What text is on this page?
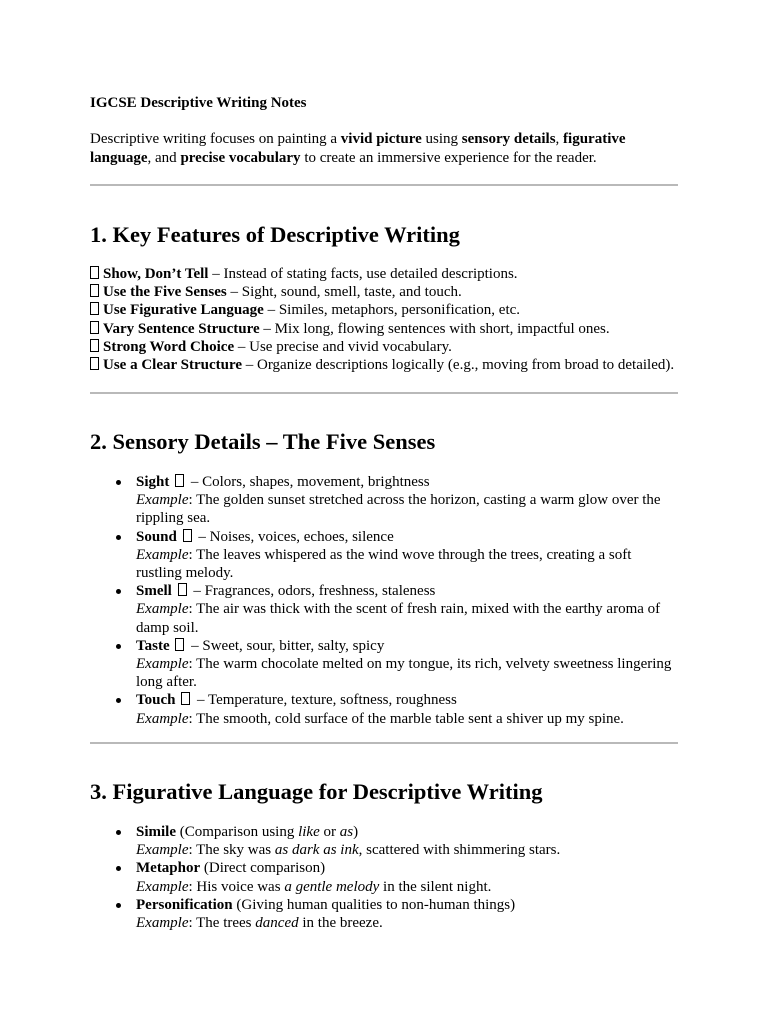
IGCSE Descriptive Writing Notes

Descriptive writing focuses on painting a vivid picture using sensory details, figurative language, and precise vocabulary to create an immersive experience for the reader.

1. Key Features of Descriptive Writing
Show, Don’t Tell – Instead of stating facts, use detailed descriptions.
Use the Five Senses – Sight, sound, smell, taste, and touch.
Use Figurative Language – Similes, metaphors, personification, etc.
Vary Sentence Structure – Mix long, flowing sentences with short, impactful ones.
Strong Word Choice – Use precise and vivid vocabulary.
Use a Clear Structure – Organize descriptions logically (e.g., moving from broad to detailed).
2. Sensory Details – The Five Senses
Sight  – Colors, shapes, movement, brightness
Example: The golden sunset stretched across the horizon, casting a warm glow over the rippling sea.
Sound  – Noises, voices, echoes, silence
Example: The leaves whispered as the wind wove through the trees, creating a soft rustling melody.
Smell  – Fragrances, odors, freshness, staleness
Example: The air was thick with the scent of fresh rain, mixed with the earthy aroma of damp soil.
Taste  – Sweet, sour, bitter, salty, spicy
Example: The warm chocolate melted on my tongue, its rich, velvety sweetness lingering long after.
Touch  – Temperature, texture, softness, roughness
Example: The smooth, cold surface of the marble table sent a shiver up my spine.
3. Figurative Language for Descriptive Writing
Simile (Comparison using like or as)
Example: The sky was as dark as ink, scattered with shimmering stars.
Metaphor (Direct comparison)
Example: His voice was a gentle melody in the silent night.
Personification (Giving human qualities to non-human things)
Example: The trees danced in the breeze.
